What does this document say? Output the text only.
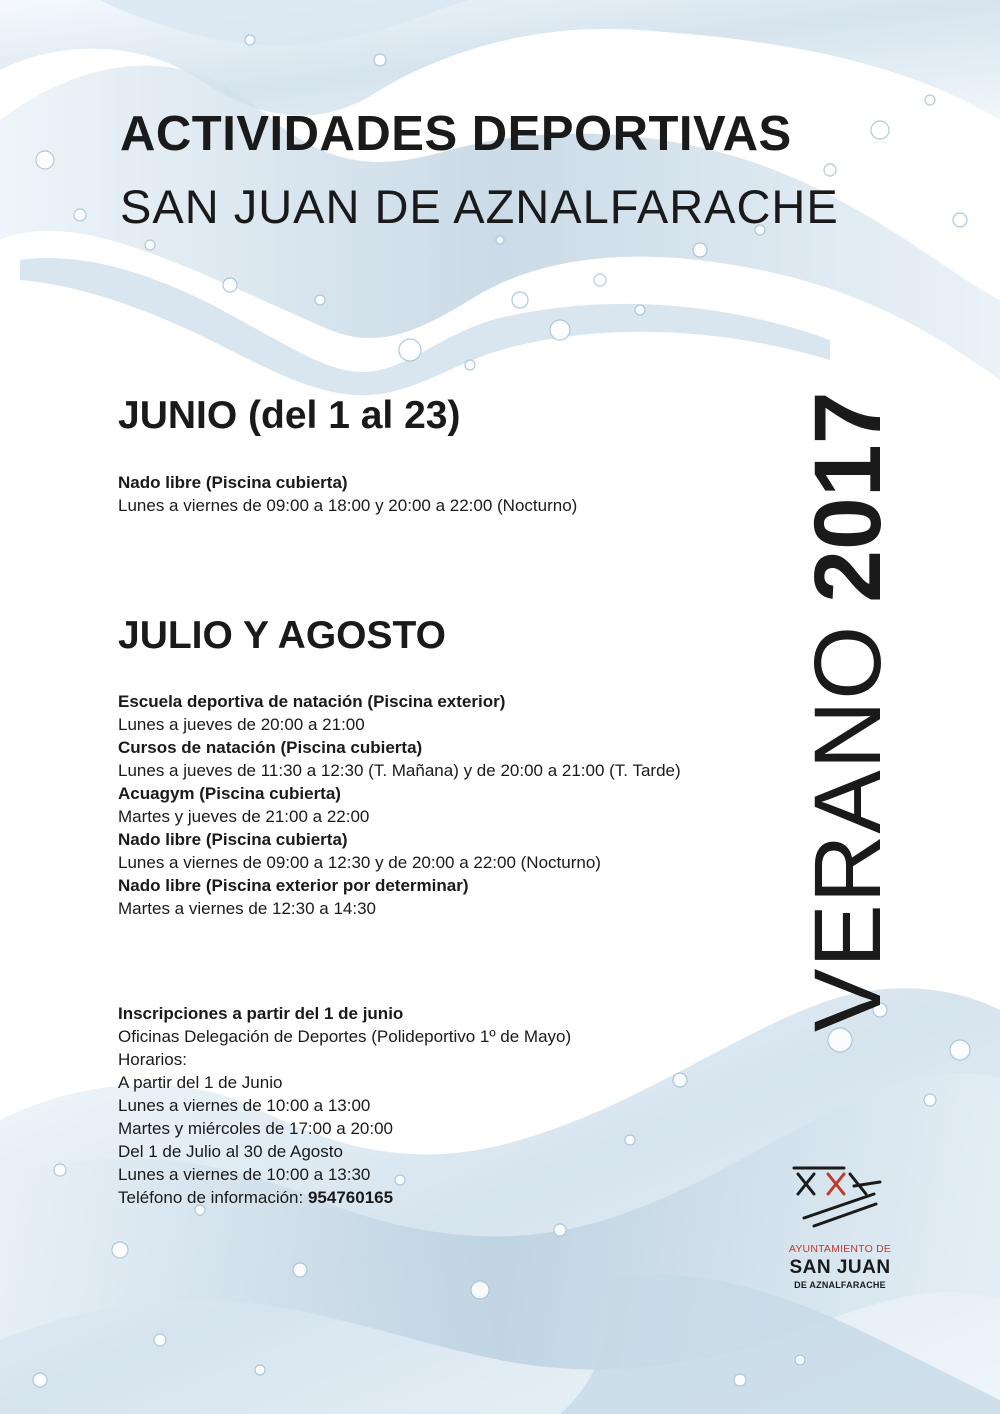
ACTIVIDADES DEPORTIVAS
SAN JUAN DE AZNALFARACHE
VERANO2017
JUNIO (del 1 al 23)
Nado libre (Piscina cubierta)
Lunes a viernes de 09:00 a 18:00 y 20:00 a 22:00 (Nocturno)
JULIO Y AGOSTO
Escuela deportiva de natación (Piscina exterior)
Lunes a jueves de 20:00 a 21:00
Cursos de natación (Piscina cubierta)
Lunes a jueves de 11:30 a 12:30 (T. Mañana) y de 20:00 a 21:00 (T. Tarde)
Acuagym (Piscina cubierta)
Martes y jueves de 21:00 a 22:00
Nado libre (Piscina cubierta)
Lunes a viernes de 09:00 a 12:30 y de 20:00 a 22:00 (Nocturno)
Nado libre (Piscina exterior por determinar)
Martes a viernes de 12:30 a 14:30
Inscripciones a partir del 1 de junio
Oficinas Delegación de Deportes (Polideportivo 1º de Mayo)
Horarios:
A partir del 1 de Junio
Lunes a viernes de 10:00 a 13:00
Martes y miércoles de 17:00 a 20:00
Del 1 de Julio al 30 de Agosto
Lunes a viernes de 10:00 a 13:30
Teléfono de información: 954760165
AYUNTAMIENTO DE
SAN JUAN
DE AZNALFARACHE
